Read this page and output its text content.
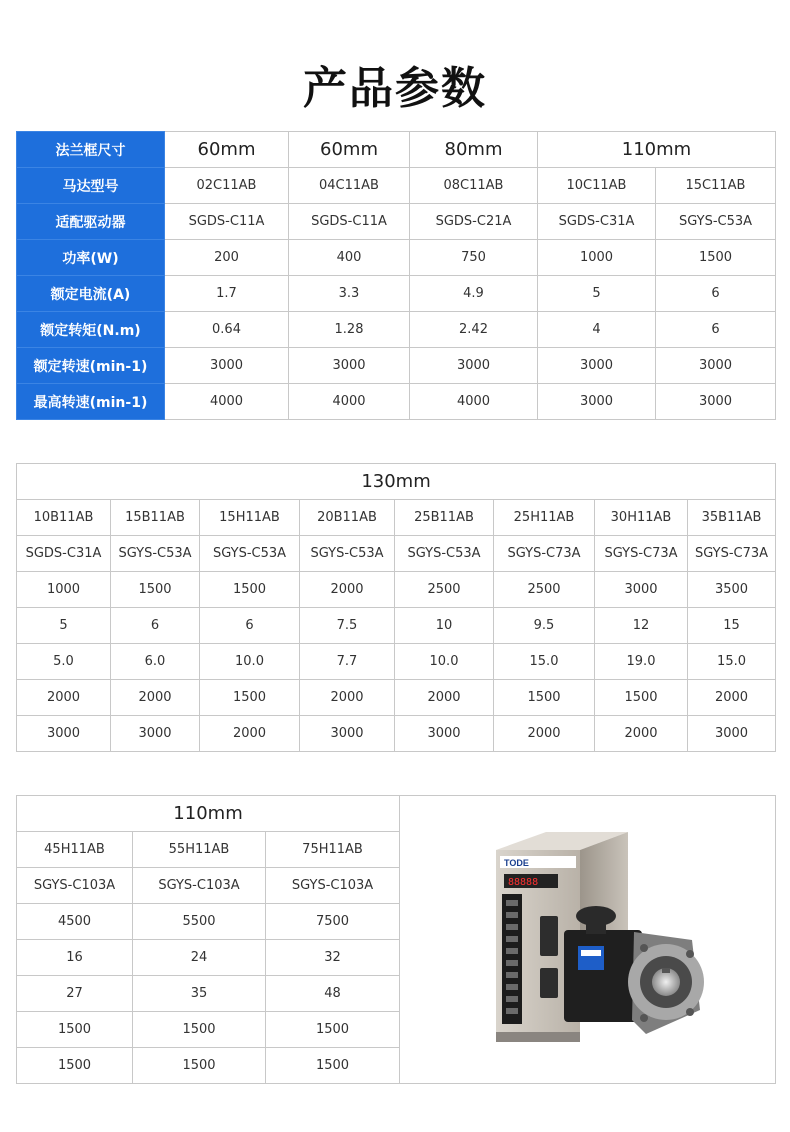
产品参数
法兰框尺寸	60mm	60mm	80mm	110mm	
马达型号	02C11AB	04C11AB	08C11AB	10C11AB	15C11AB
适配驱动器	SGDS-C11A	SGDS-C11A	SGDS-C21A	SGDS-C31A	SGYS-C53A
功率(W)	200	400	750	1000	1500
额定电流(A)	1.7	3.3	4.9	5	6
额定转矩(N.m)	0.64	1.28	2.42	4	6
额定转速(min-1)	3000	3000	3000	3000	3000
最高转速(min-1)	4000	4000	4000	3000	3000
130mm							
10B11AB	15B11AB	15H11AB	20B11AB	25B11AB	25H11AB	30H11AB	35B11AB
SGDS-C31A	SGYS-C53A	SGYS-C53A	SGYS-C53A	SGYS-C53A	SGYS-C73A	SGYS-C73A	SGYS-C73A
1000	1500	1500	2000	2500	2500	3000	3500
5	6	6	7.5	10	9.5	12	15
5.0	6.0	10.0	7.7	10.0	15.0	19.0	15.0
2000	2000	1500	2000	2000	1500	1500	2000
3000	3000	2000	3000	3000	2000	2000	3000
110mm			TODE
88888

45H11AB	55H11AB	75H11AB	
SGYS-C103A	SGYS-C103A	SGYS-C103A	
4500	5500	7500	
16	24	32	
27	35	48	
1500	1500	1500	
1500	1500	1500	
